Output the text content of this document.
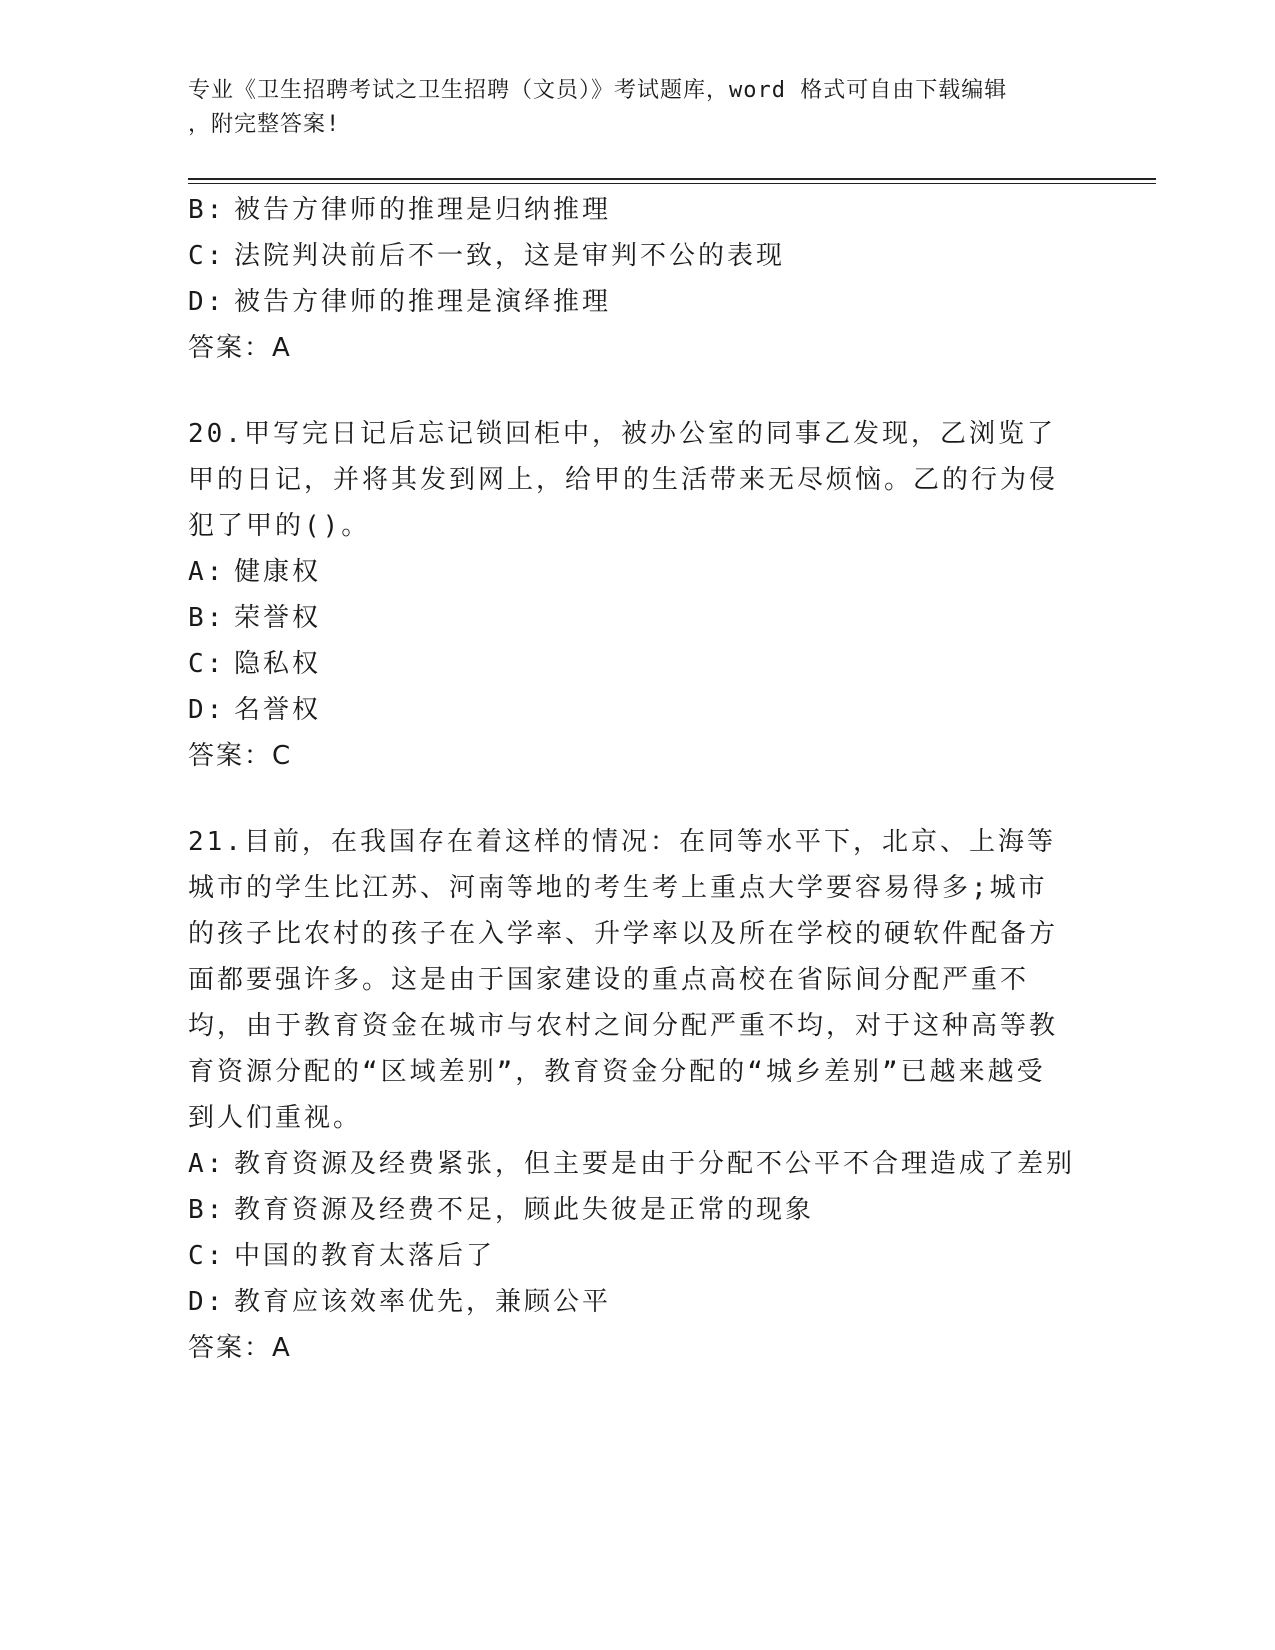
专业《卫生招聘考试之卫生招聘（文员）》考试题库，word 格式可自由下载编辑
，附完整答案!
B: 被告方律师的推理是归纳推理
C: 法院判决前后不一致，这是审判不公的表现
D: 被告方律师的推理是演绎推理
答案：A
20.甲写完日记后忘记锁回柜中，被办公室的同事乙发现，乙浏览了甲的日记，并将其发到网上，给甲的生活带来无尽烦恼。乙的行为侵犯了甲的()。
A: 健康权
B: 荣誉权
C: 隐私权
D: 名誉权
答案：C
21.目前，在我国存在着这样的情况：在同等水平下，北京、上海等城市的学生比江苏、河南等地的考生考上重点大学要容易得多;城市的孩子比农村的孩子在入学率、升学率以及所在学校的硬软件配备方面都要强许多。这是由于国家建设的重点高校在省际间分配严重不均，由于教育资金在城市与农村之间分配严重不均，对于这种高等教育资源分配的“区域差别”，教育资金分配的“城乡差别”已越来越受到人们重视。
A: 教育资源及经费紧张，但主要是由于分配不公平不合理造成了差别
B: 教育资源及经费不足，顾此失彼是正常的现象
C: 中国的教育太落后了
D: 教育应该效率优先，兼顾公平
答案：A
